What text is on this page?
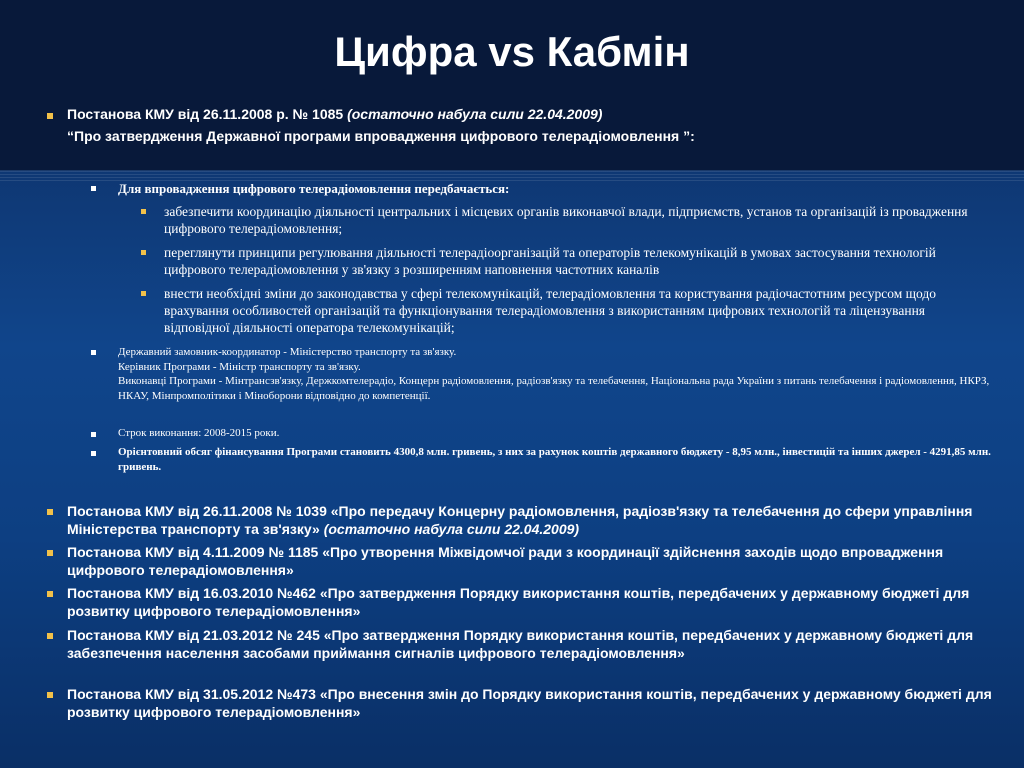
Цифра vs Кабмін
Постанова КМУ від 26.11.2008 р. № 1085 (остаточно набула сили 22.04.2009)
“Про затвердження Державної програми впровадження цифрового телерадіомовлення ”:
Для впровадження цифрового телерадіомовлення передбачається:
забезпечити координацію діяльності центральних і місцевих органів виконавчої влади, підприємств, установ та організацій із провадження цифрового телерадіомовлення;
переглянути принципи регулювання діяльності телерадіоорганізацій та операторів телекомунікацій в умовах застосування технологій цифрового телерадіомовлення у зв'язку з розширенням наповнення частотних каналів
внести необхідні зміни до законодавства у сфері телекомунікацій, телерадіомовлення та користування радіочастотним ресурсом щодо врахування особливостей організацій та функціонування телерадіомовлення з використанням цифрових технологій та ліцензування відповідної діяльності оператора телекомунікацій;
Державний замовник-координатор - Міністерство транспорту та зв'язку.
Керівник Програми - Міністр транспорту та зв'язку.
Виконавці Програми - Мінтрансзв'язку, Держкомтелерадіо, Концерн радіомовлення, радіозв'язку та телебачення, Національна рада України з питань телебачення і радіомовлення, НКРЗ, НКАУ, Мінпромполітики і Міноборони відповідно до компетенції.
Строк виконання: 2008-2015 роки.
Орієнтовний обсяг фінансування Програми становить 4300,8 млн. гривень, з них за рахунок коштів державного бюджету - 8,95 млн., інвестицій та інших джерел - 4291,85 млн. гривень.
Постанова КМУ від 26.11.2008 № 1039 «Про передачу Концерну радіомовлення, радіозв'язку та телебачення до сфери управління Міністерства транспорту та зв'язку» (остаточно набула сили 22.04.2009)
Постанова КМУ від 4.11.2009 № 1185 «Про утворення Міжвідомчої ради з координації здійснення заходів щодо впровадження цифрового телерадіомовлення»
Постанова КМУ від 16.03.2010 №462 «Про затвердження Порядку використання коштів, передбачених у державному бюджеті для розвитку цифрового телерадіомовлення»
Постанова КМУ від 21.03.2012 № 245 «Про затвердження Порядку використання коштів, передбачених у державному бюджеті для забезпечення населення засобами приймання сигналів цифрового телерадіомовлення»
Постанова КМУ від 31.05.2012 №473 «Про внесення змін до Порядку використання коштів, передбачених у державному бюджеті для розвитку цифрового телерадіомовлення»
